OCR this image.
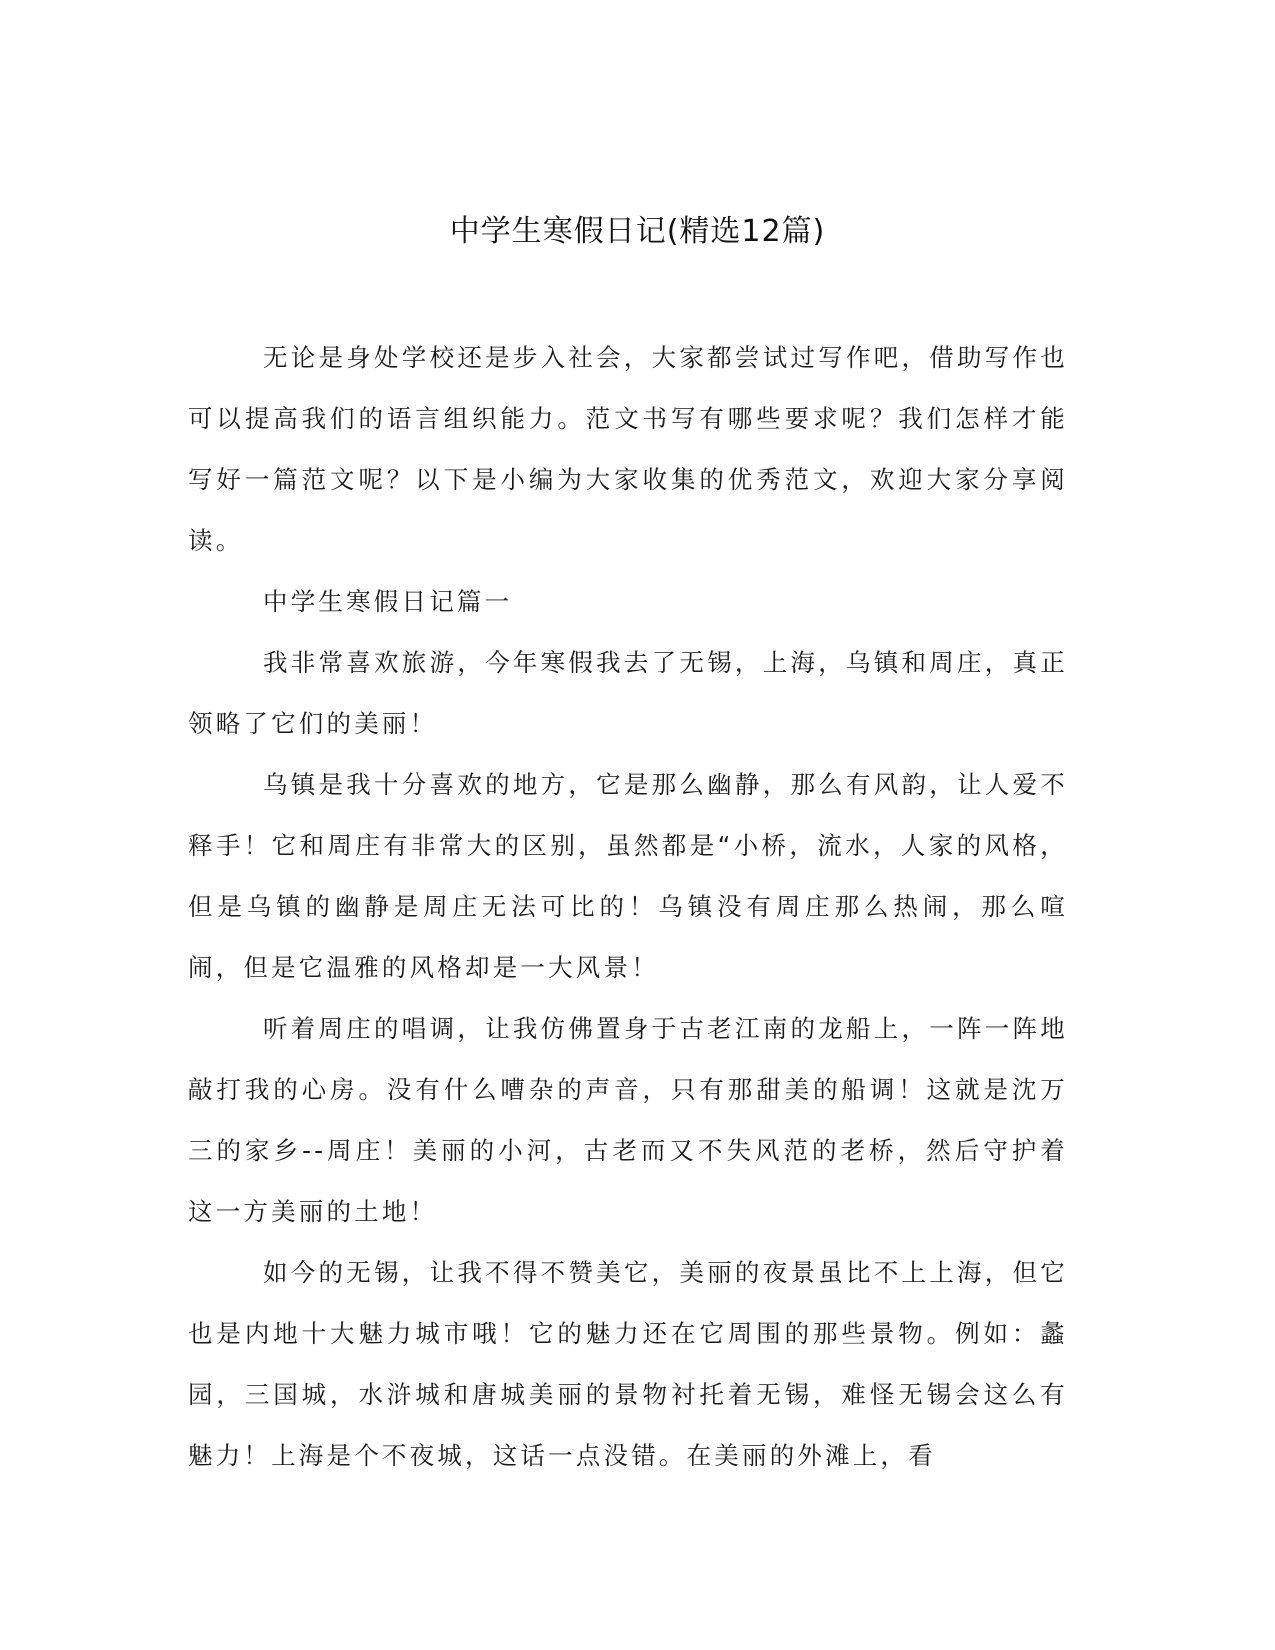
中学生寒假日记(精选12篇)

无论是身处学校还是步入社会，大家都尝试过写作吧，借助写作也可以提高我们的语言组织能力。范文书写有哪些要求呢？我们怎样才能写好一篇范文呢？以下是小编为大家收集的优秀范文，欢迎大家分享阅读。

中学生寒假日记篇一

我非常喜欢旅游，今年寒假我去了无锡，上海，乌镇和周庄，真正领略了它们的美丽！

乌镇是我十分喜欢的地方，它是那么幽静，那么有风韵，让人爱不释手！它和周庄有非常大的区别，虽然都是“小桥，流水，人家的风格，但是乌镇的幽静是周庄无法可比的！乌镇没有周庄那么热闹，那么喧闹，但是它温雅的风格却是一大风景！

听着周庄的唱调，让我仿佛置身于古老江南的龙船上，一阵一阵地敲打我的心房。没有什么嘈杂的声音，只有那甜美的船调！这就是沈万三的家乡--周庄！美丽的小河，古老而又不失风范的老桥，然后守护着这一方美丽的土地！

如今的无锡，让我不得不赞美它，美丽的夜景虽比不上上海，但它也是内地十大魅力城市哦！它的魅力还在它周围的那些景物。例如：蠡园，三国城，水浒城和唐城美丽的景物衬托着无锡，难怪无锡会这么有魅力！上海是个不夜城，这话一点没错。在美丽的外滩上，看
